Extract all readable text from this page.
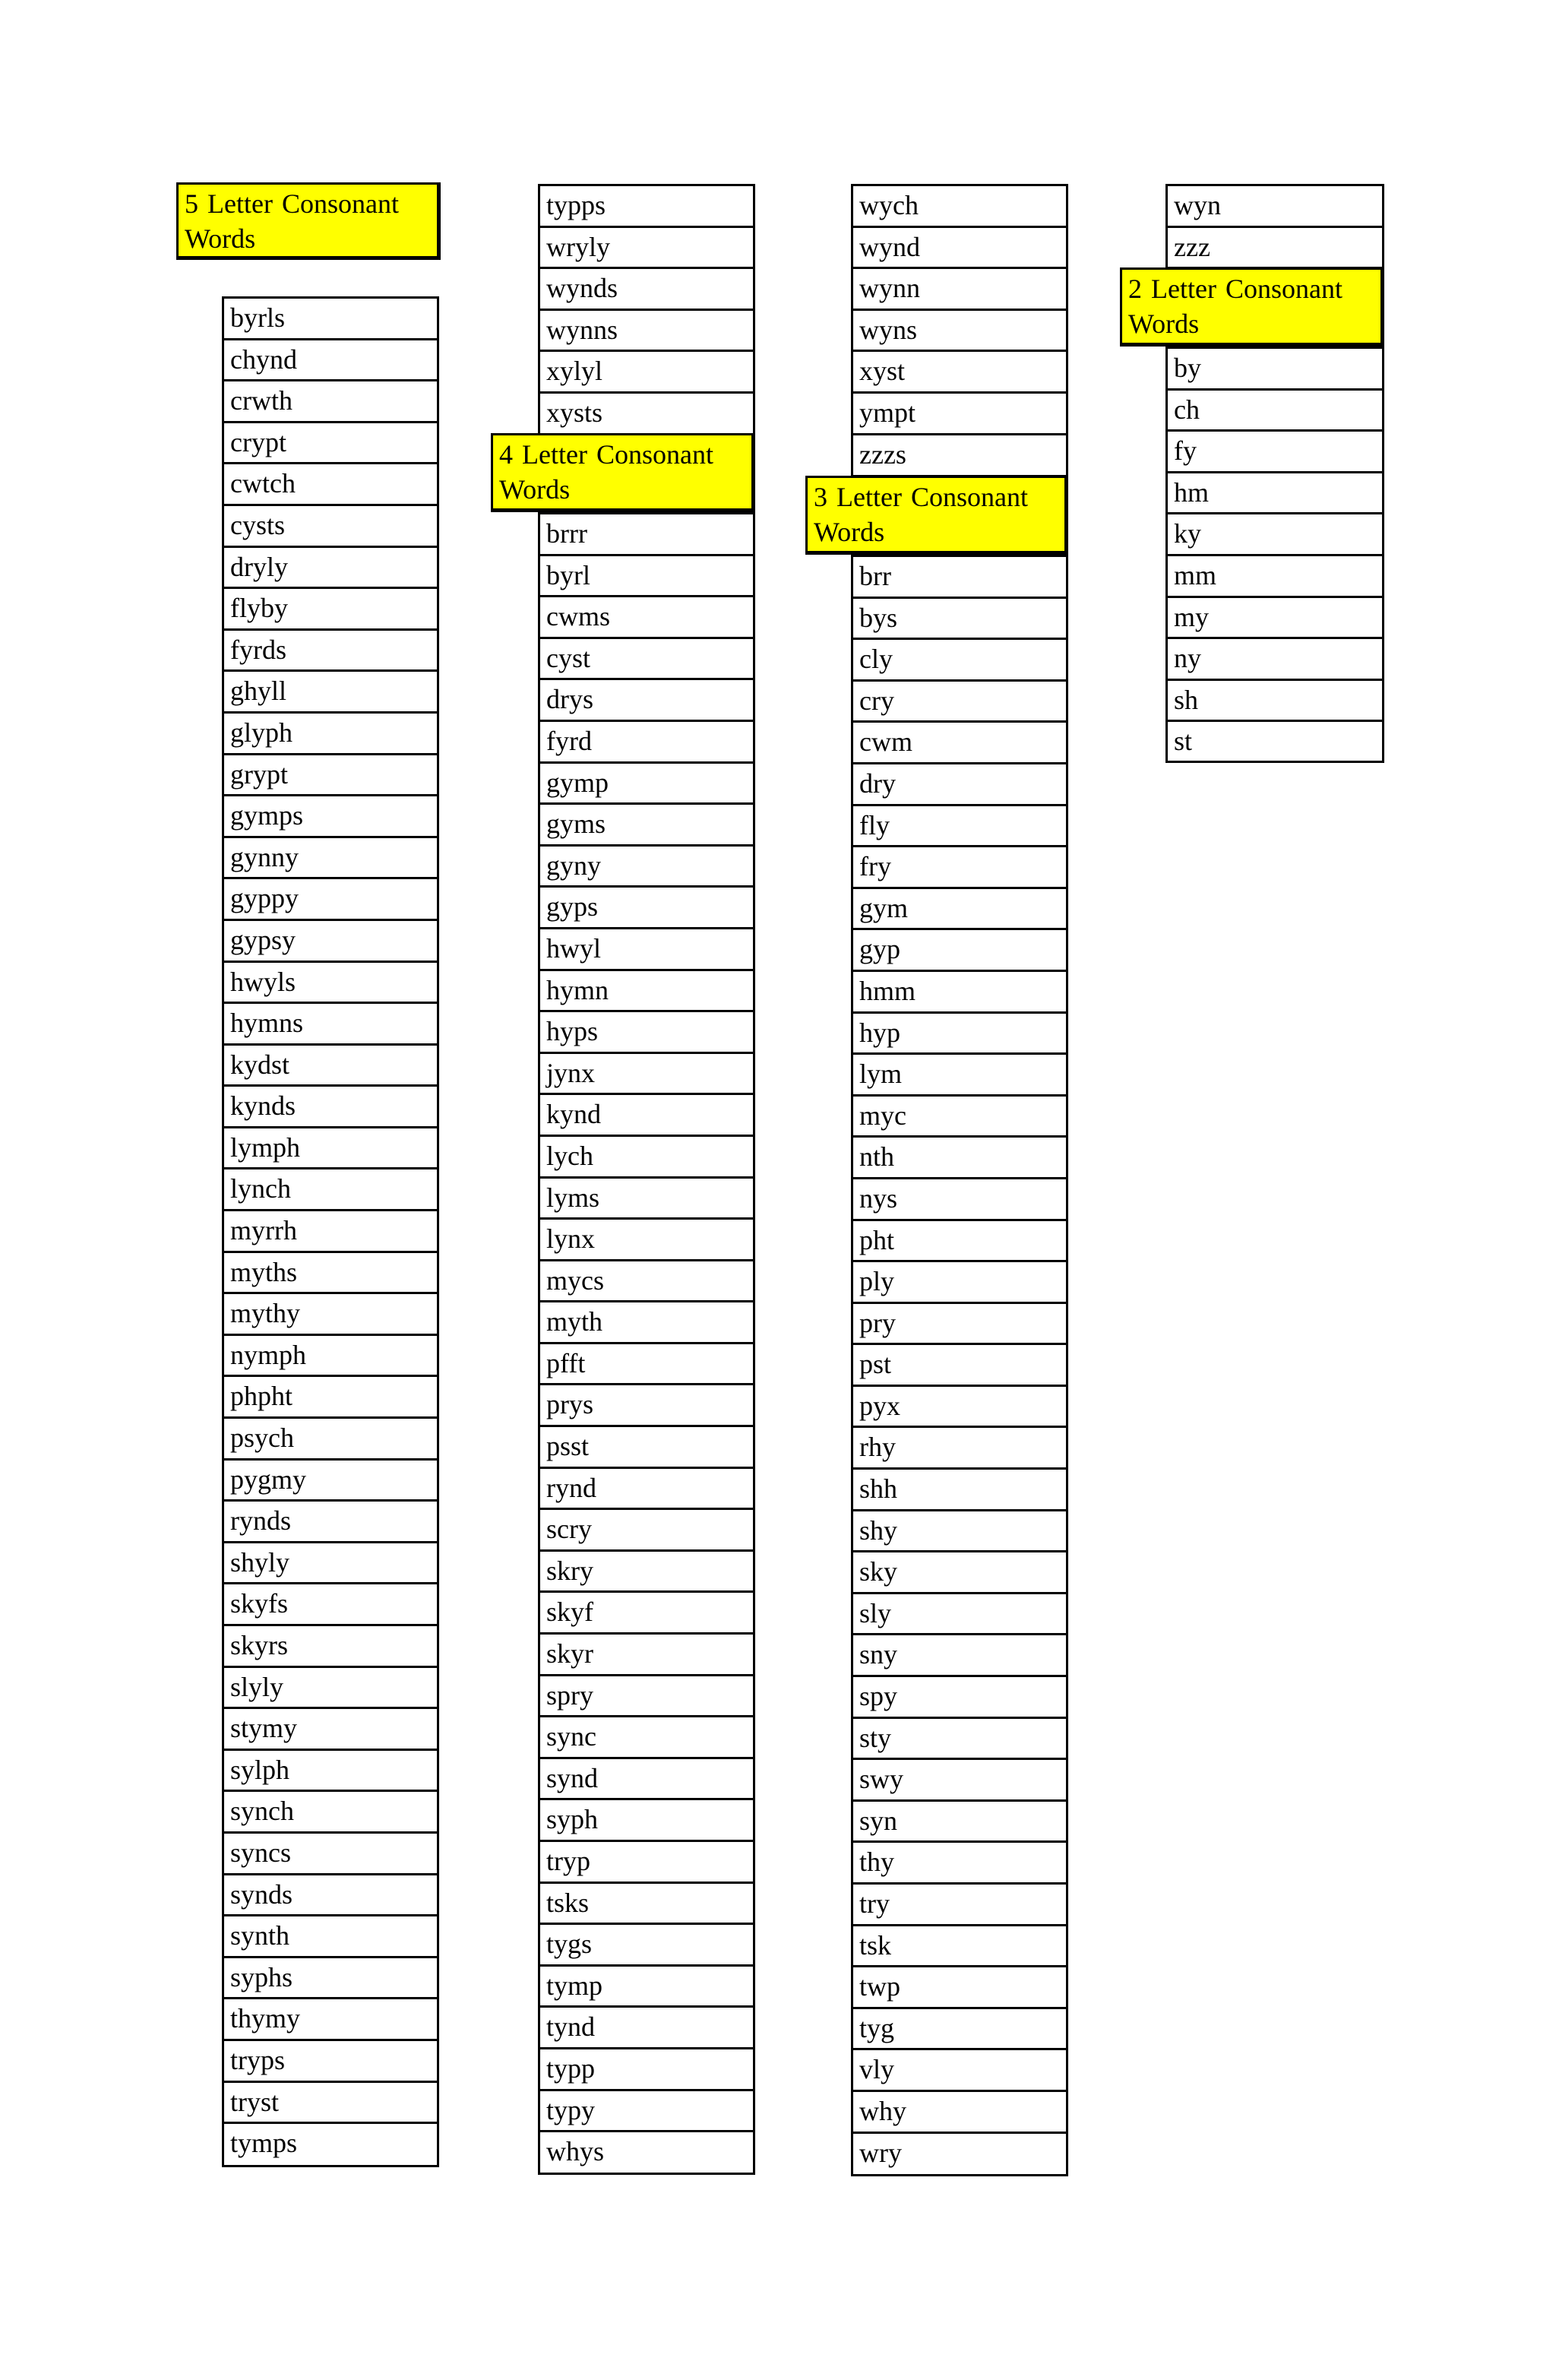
5 Letter Consonant
Words
byrls
chynd
crwth
crypt
cwtch
cysts
dryly
flyby
fyrds
ghyll
glyph
grypt
gymps
gynny
gyppy
gypsy
hwyls
hymns
kydst
kynds
lymph
lynch
myrrh
myths
mythy
nymph
phpht
psych
pygmy
rynds
shyly
skyfs
skyrs
slyly
stymy
sylph
synch
syncs
synds
synth
syphs
thymy
tryps
tryst
tymps
typps
wryly
wynds
wynns
xylyl
xysts
4 Letter Consonant
Words
brrr
byrl
cwms
cyst
drys
fyrd
gymp
gyms
gyny
gyps
hwyl
hymn
hyps
jynx
kynd
lych
lyms
lynx
mycs
myth
pfft
prys
psst
rynd
scry
skry
skyf
skyr
spry
sync
synd
syph
tryp
tsks
tygs
tymp
tynd
typp
typy
whys
wych
wynd
wynn
wyns
xyst
ympt
zzzs
3 Letter Consonant
Words
brr
bys
cly
cry
cwm
dry
fly
fry
gym
gyp
hmm
hyp
lym
myc
nth
nys
pht
ply
pry
pst
pyx
rhy
shh
shy
sky
sly
sny
spy
sty
swy
syn
thy
try
tsk
twp
tyg
vly
why
wry
wyn
zzz
2 Letter Consonant
Words
by
ch
fy
hm
ky
mm
my
ny
sh
st
